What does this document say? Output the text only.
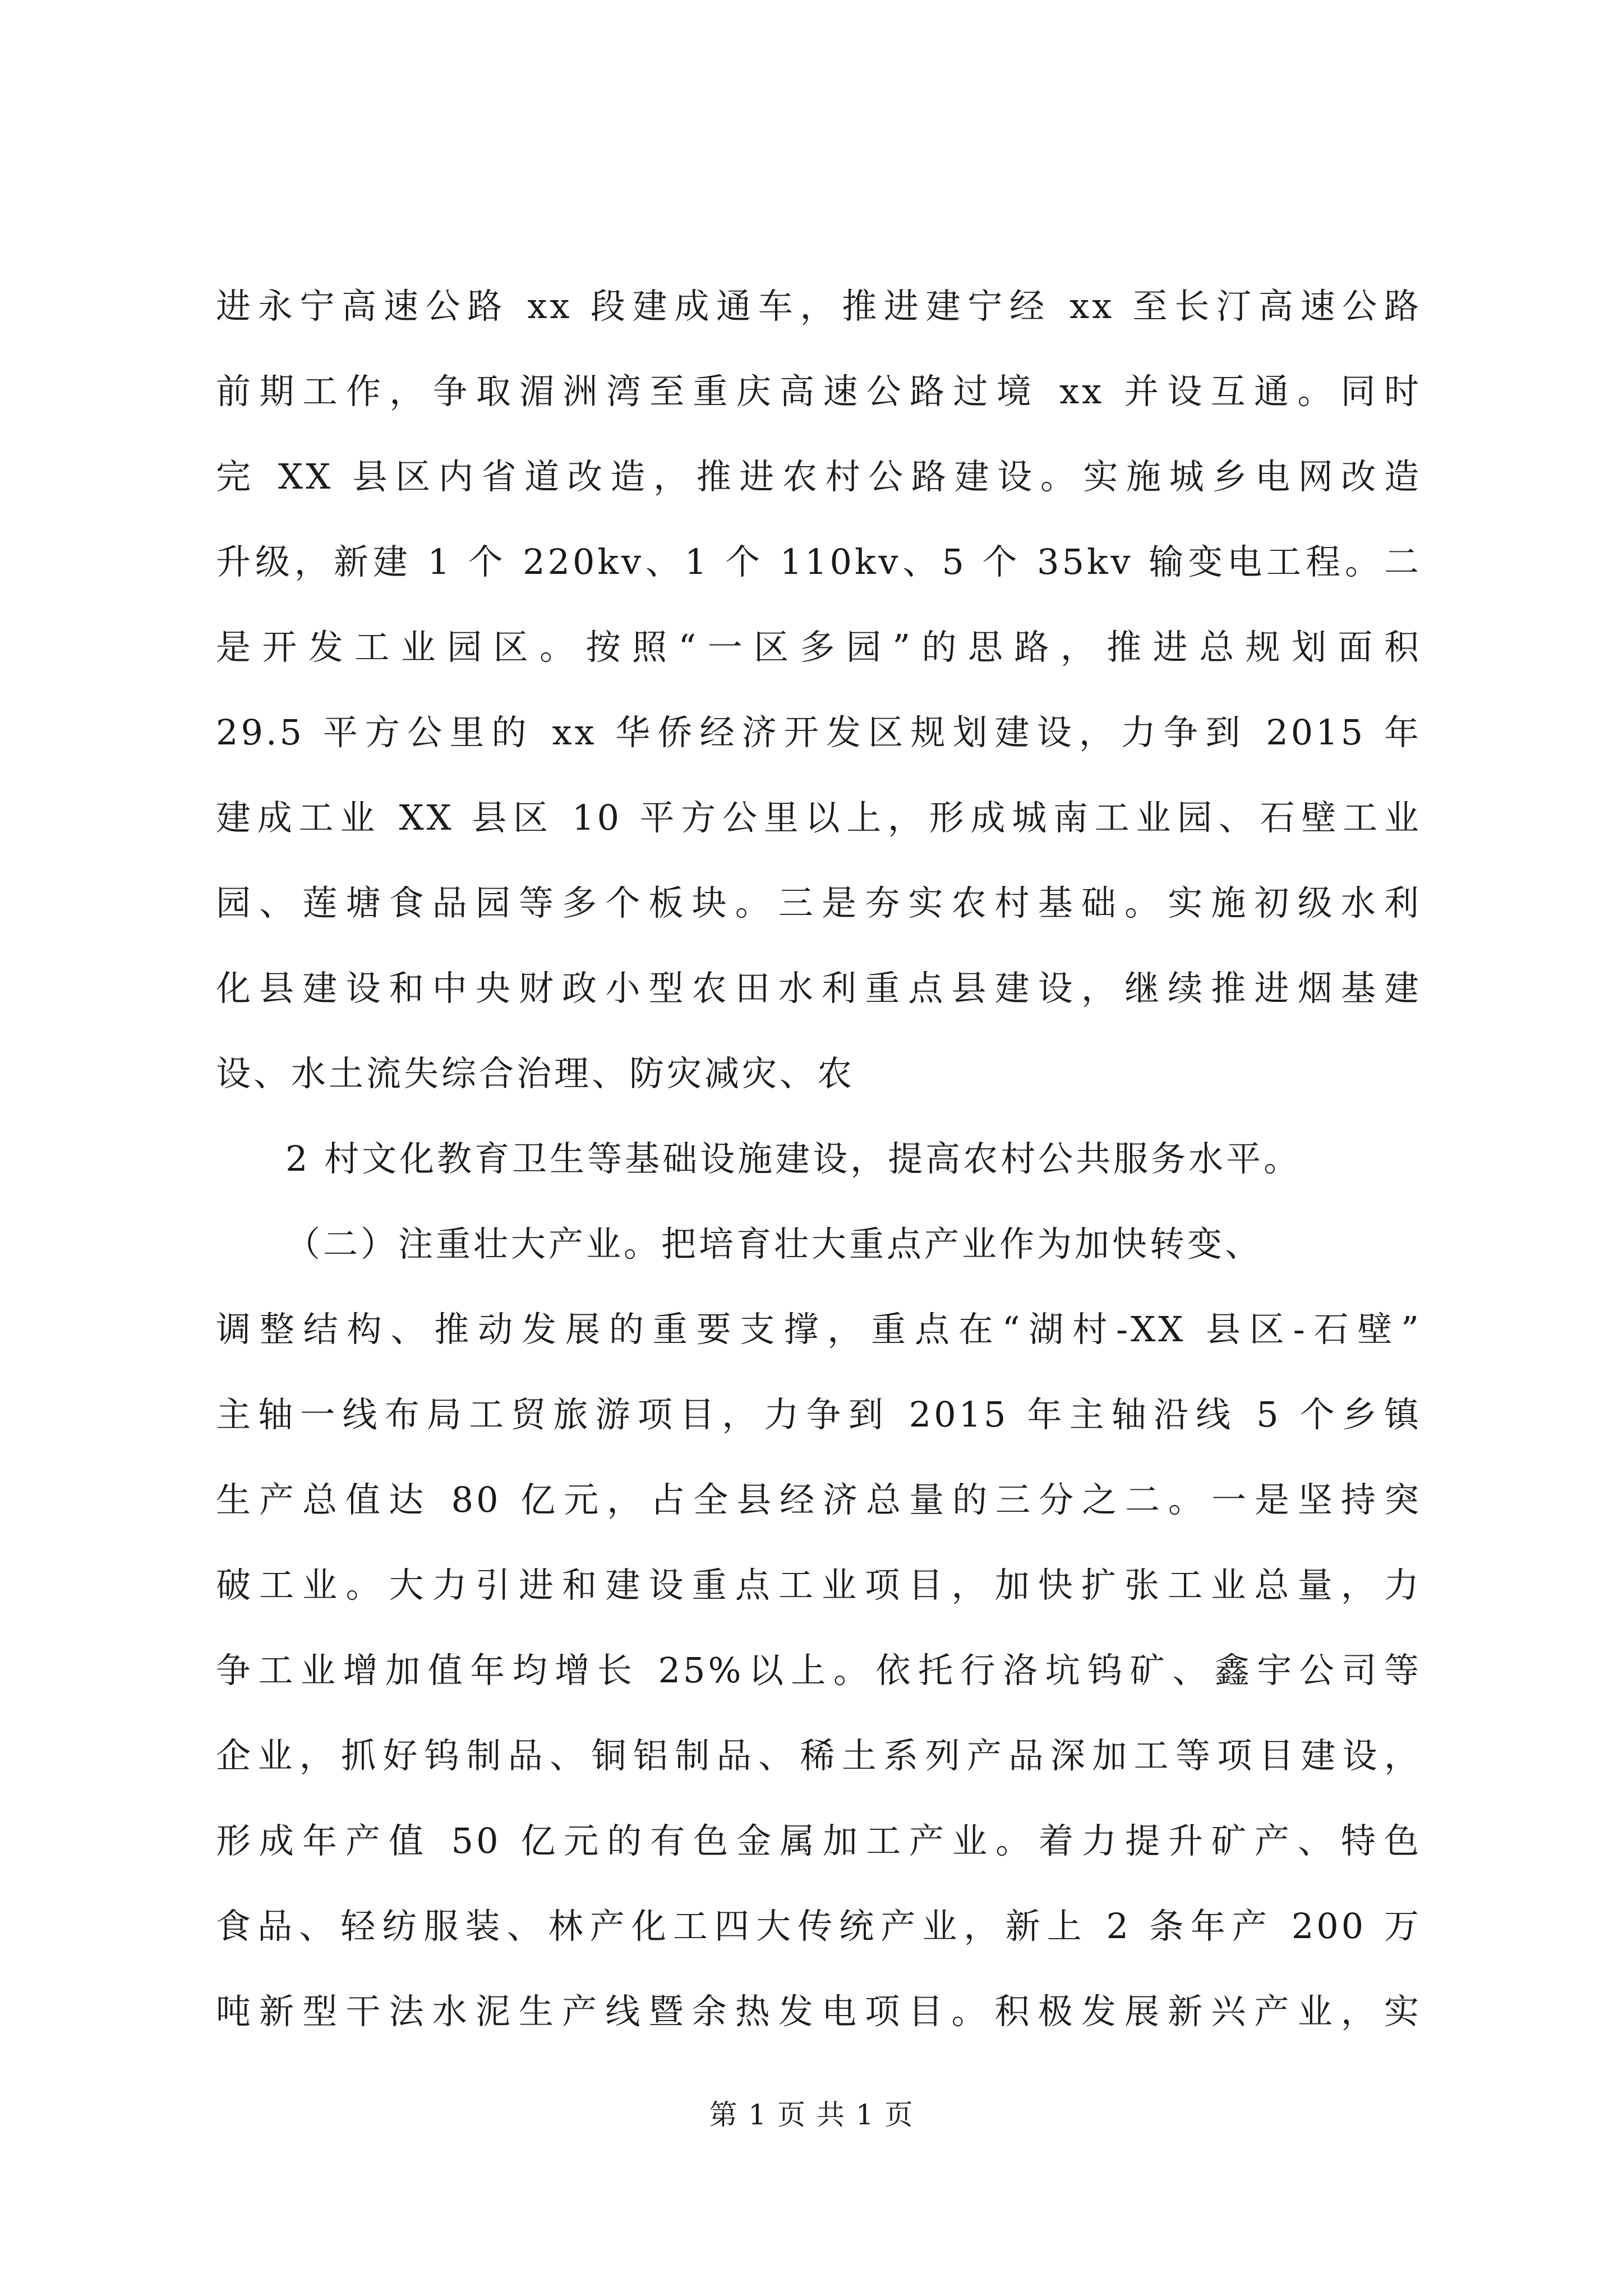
进永宁高速公路 xx 段建成通车，推进建宁经 xx 至长汀高速公路
前期工作，争取湄洲湾至重庆高速公路过境 xx 并设互通。同时
完 XX 县区内省道改造，推进农村公路建设。实施城乡电网改造
升级，新建 1 个 220kv、1 个 110kv、5 个 35kv 输变电工程。二
是开发工业园区。按照“一区多园”的思路，推进总规划面积
29.5 平方公里的 xx 华侨经济开发区规划建设，力争到 2015 年
建成工业 XX 县区 10 平方公里以上，形成城南工业园、石壁工业
园、莲塘食品园等多个板块。三是夯实农村基础。实施初级水利
化县建设和中央财政小型农田水利重点县建设，继续推进烟基建
设、水土流失综合治理、防灾减灾、农
2 村文化教育卫生等基础设施建设，提高农村公共服务水平。
（二）注重壮大产业。把培育壮大重点产业作为加快转变、
调整结构、推动发展的重要支撑，重点在“湖村-XX 县区-石壁”
主轴一线布局工贸旅游项目，力争到 2015 年主轴沿线 5 个乡镇
生产总值达 80 亿元，占全县经济总量的三分之二。一是坚持突
破工业。大力引进和建设重点工业项目，加快扩张工业总量，力
争工业增加值年均增长 25%以上。依托行洛坑钨矿、鑫宇公司等
企业，抓好钨制品、铜铝制品、稀土系列产品深加工等项目建设，
形成年产值 50 亿元的有色金属加工产业。着力提升矿产、特色
食品、轻纺服装、林产化工四大传统产业，新上 2 条年产 200 万
吨新型干法水泥生产线暨余热发电项目。积极发展新兴产业，实
第 1 页 共 1 页
